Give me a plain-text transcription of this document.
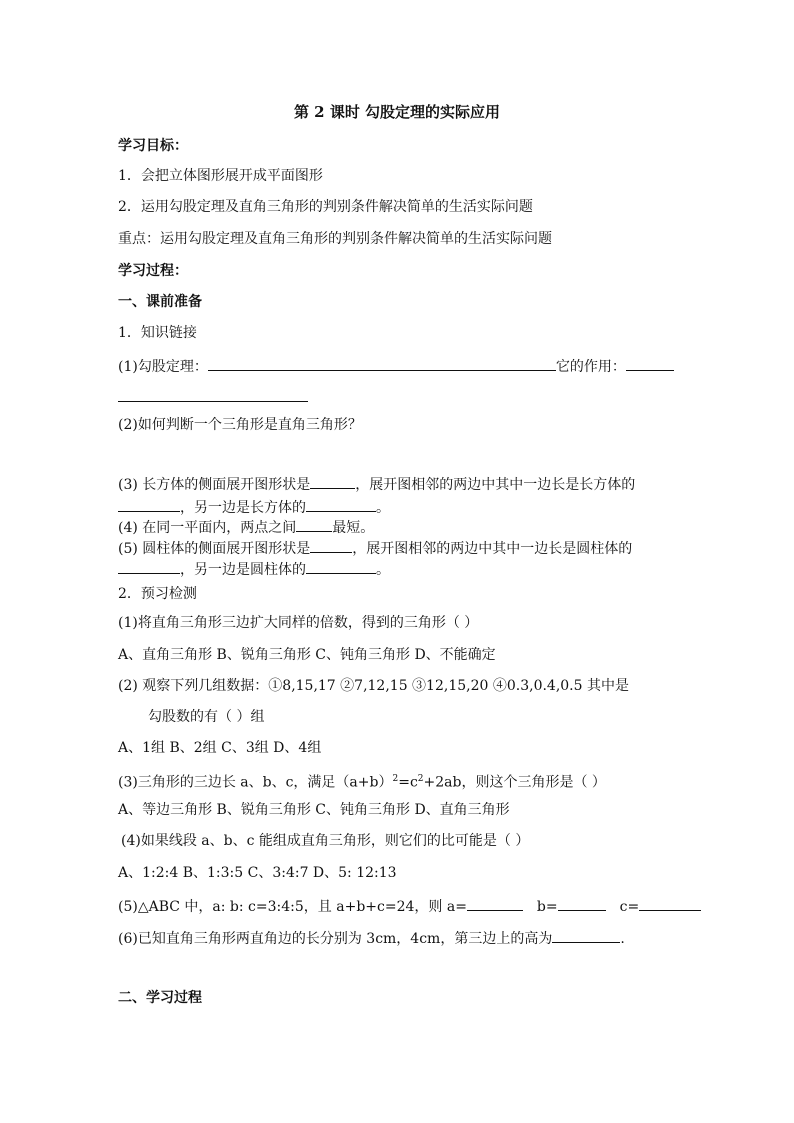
第 2 课时 勾股定理的实际应用
学习目标：
1．会把立体图形展开成平面图形
2．运用勾股定理及直角三角形的判别条件解决简单的生活实际问题
重点：运用勾股定理及直角三角形的判别条件解决简单的生活实际问题
学习过程：
一、课前准备
1．知识链接
(1)勾股定理：	它的作用：
(2)如何判断一个三角形是直角三角形？
(3) 长方体的侧面展开图形状是	，展开图相邻的两边中其中一边长是长方体的
，另一边是长方体的	。
(4) 在同一平面内，两点之间	最短。
(5) 圆柱体的侧面展开图形状是	，展开图相邻的两边中其中一边长是圆柱体的
，另一边是圆柱体的	。
2．预习检测
(1)将直角三角形三边扩大同样的倍数，得到的三角形（ ）
A、直角三角形 B、锐角三角形 C、钝角三角形 D、不能确定
(2) 观察下列几组数据：①8,15,17 ②7,12,15 ③12,15,20 ④0.3,0.4,0.5 其中是
勾股数的有（ ）组
A、1组 B、2组 C、3组 D、4组
(3)三角形的三边长 a、b、c，满足$(a+b)^2=c^2+2ab$，则这个三角形是（ ）
A、等边三角形 B、锐角三角形 C、钝角三角形 D、直角三角形
(4)如果线段 a、b、c 能组成直角三角形，则它们的比可能是（ ）
A、1:2:4 B、1:3:5 C、3:4:7 D、5: 12:13
(5)△ABC 中，a: b: c=3:4:5，且 a+b+c=24，则 a=	b=	c=
(6)已知直角三角形两直角边的长分别为 3cm，4cm，第三边上的高为	.
二、学习过程
